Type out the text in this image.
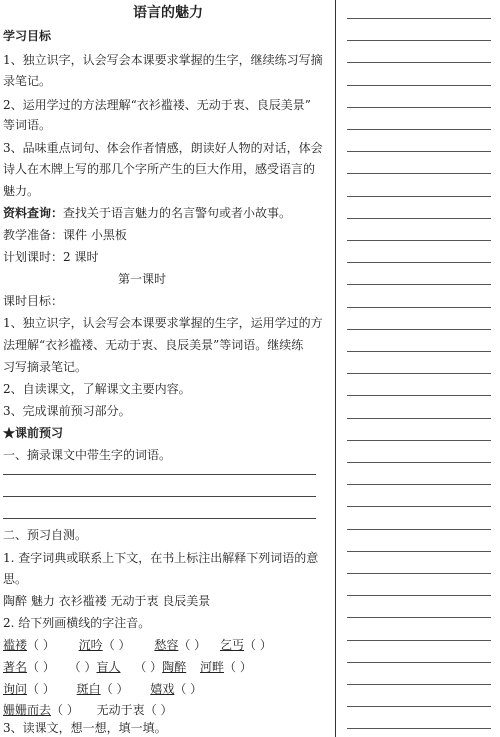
语言的魅力
学习目标
1、独立识字，认会写会本课要求掌握的生字，继续练习写摘
录笔记。
2、运用学过的方法理解“衣衫褴褛、无动于衷、良辰美景”
等词语。
3、品味重点词句、体会作者情感，朗读好人物的对话，体会
诗人在木牌上写的那几个字所产生的巨大作用，感受语言的
魅力。
资料查询：查找关于语言魅力的名言警句或者小故事。
教学准备：课件 小黑板
计划课时：2 课时
第一课时
课时目标：
1、独立识字，认会写会本课要求掌握的生字，运用学过的方
法理解“衣衫褴褛、无动于衷、良辰美景”等词语。继续练
习写摘录笔记。
2、自读课文，了解课文主要内容。
3、完成课前预习部分。
★课前预习
一、摘录课文中带生字的词语。
二、预习自测。
1. 查字词典或联系上下文，在书上标注出解释下列词语的意
思。
陶醉 魅力 衣衫褴褛 无动于衷 良辰美景
2. 给下列画横线的字注音。
褴褛（ ） 沉吟（ ） 愁容（ ） 乞丐（ ）
著名（ ） （ ）盲人 （ ）陶醉 河畔（ ）
询问（ ） 斑白（ ） 嬉戏（ ）
姗姗而去（ ） 无动于衷（ ）
3、读课文，想一想，填一填。
